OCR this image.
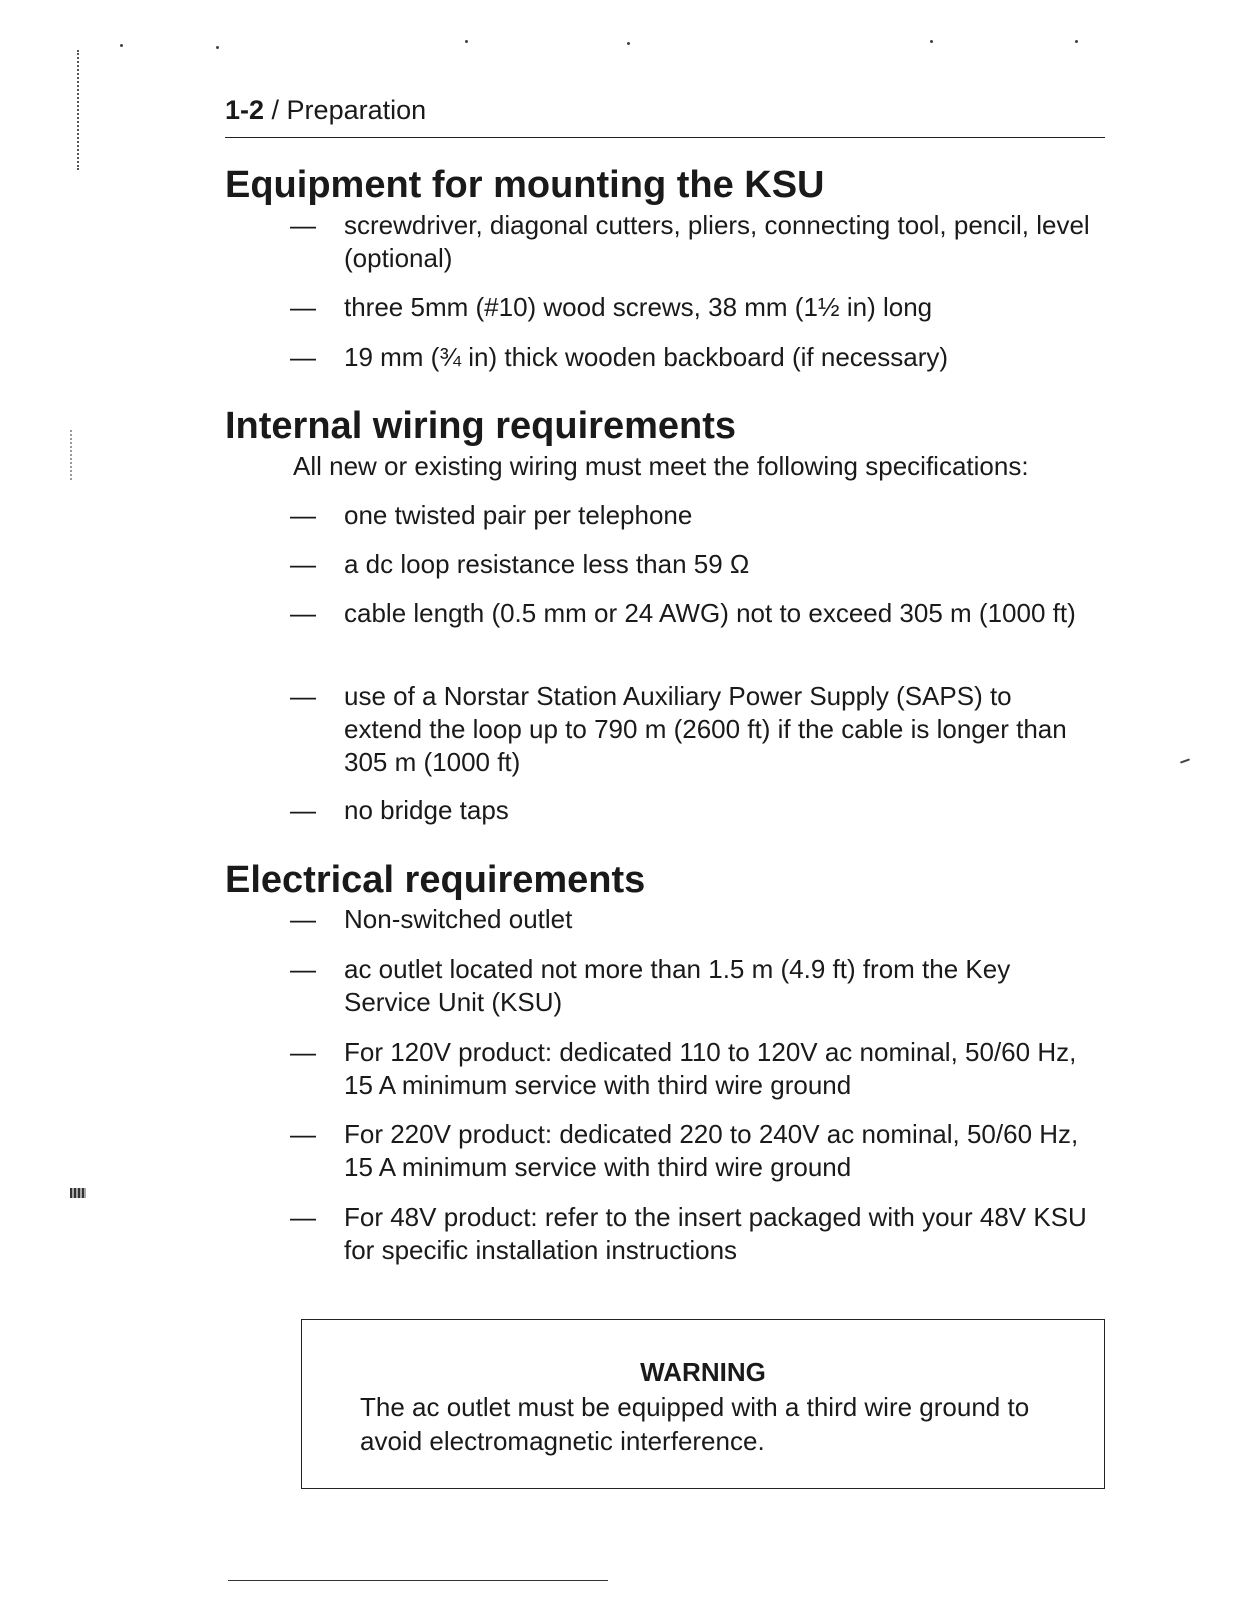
1-2 / Preparation
Equipment for mounting the KSU
—	screwdriver, diagonal cutters, pliers, connecting tool, pencil, level (optional)
—	three 5mm (#10) wood screws, 38 mm (1½ in) long
—	19 mm (¾ in) thick wooden backboard (if necessary)
Internal wiring requirements
All new or existing wiring must meet the following specifications:
—	one twisted pair per telephone
—	a dc loop resistance less than 59 Ω
—	cable length (0.5 mm or 24 AWG) not to exceed 305 m (1000 ft)
—	use of a Norstar Station Auxiliary Power Supply (SAPS) to extend the loop up to 790 m (2600 ft) if the cable is longer than 305 m (1000 ft)
—	no bridge taps
Electrical requirements
—	Non-switched outlet
—	ac outlet located not more than 1.5 m (4.9 ft) from the Key Service Unit (KSU)
—	For 120V product: dedicated 110 to 120V ac nominal, 50/60 Hz, 15 A minimum service with third wire ground
—	For 220V product: dedicated 220 to 240V ac nominal, 50/60 Hz, 15 A minimum service with third wire ground
—	For 48V product: refer to the insert packaged with your 48V KSU for specific installation instructions
WARNING
The ac outlet must be equipped with a third wire ground to avoid electromagnetic interference.
